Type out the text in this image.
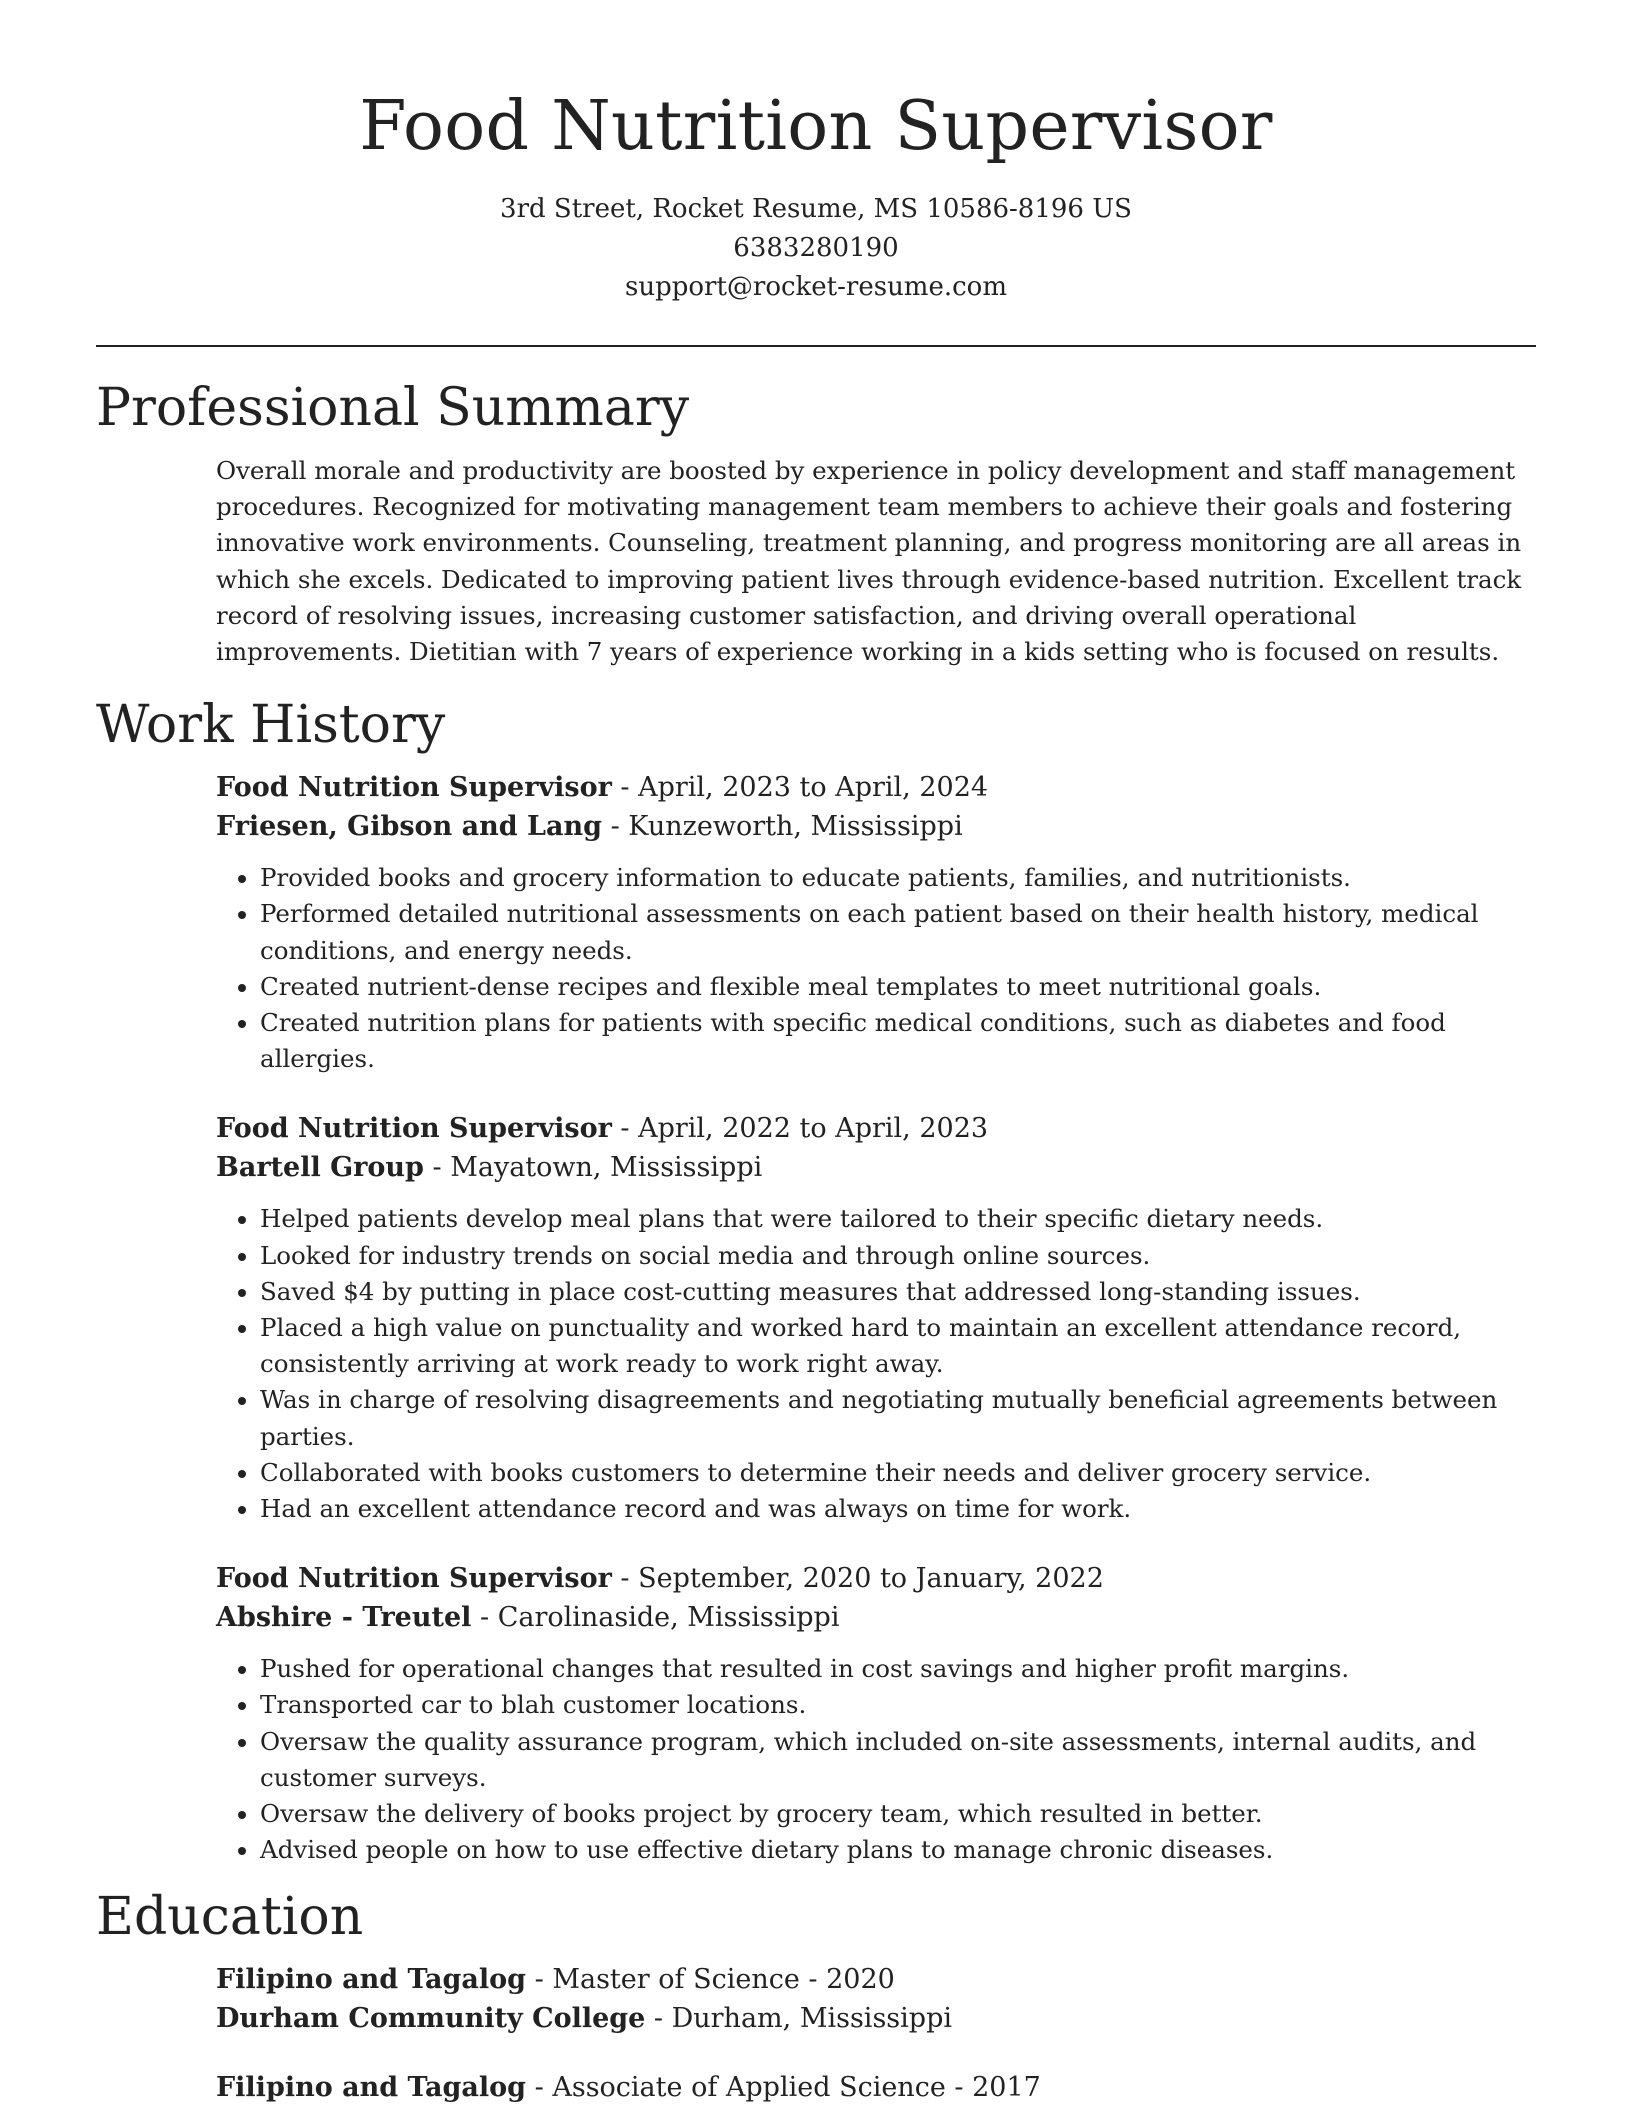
Food Nutrition Supervisor
3rd Street, Rocket Resume, MS 10586-8196 US
6383280190
support@rocket-resume.com
Professional Summary

Overall morale and productivity are boosted by experience in policy development and staff management procedures. Recognized for motivating management team members to achieve their goals and fostering innovative work environments. Counseling, treatment planning, and progress monitoring are all areas in which she excels. Dedicated to improving patient lives through evidence-based nutrition. Excellent track record of resolving issues, increasing customer satisfaction, and driving overall operational improvements. Dietitian with 7 years of experience working in a kids setting who is focused on results.

Work History
Food Nutrition Supervisor - April, 2023 to April, 2024
Friesen, Gibson and Lang - Kunzeworth, Mississippi
• Provided books and grocery information to educate patients, families, and nutritionists.
• Performed detailed nutritional assessments on each patient based on their health history, medical conditions, and energy needs.
• Created nutrient-dense recipes and flexible meal templates to meet nutritional goals.
• Created nutrition plans for patients with specific medical conditions, such as diabetes and food allergies.
Food Nutrition Supervisor - April, 2022 to April, 2023
Bartell Group - Mayatown, Mississippi
• Helped patients develop meal plans that were tailored to their specific dietary needs.
• Looked for industry trends on social media and through online sources.
• Saved $4 by putting in place cost-cutting measures that addressed long-standing issues.
• Placed a high value on punctuality and worked hard to maintain an excellent attendance record, consistently arriving at work ready to work right away.
• Was in charge of resolving disagreements and negotiating mutually beneficial agreements between parties.
• Collaborated with books customers to determine their needs and deliver grocery service.
• Had an excellent attendance record and was always on time for work.
Food Nutrition Supervisor - September, 2020 to January, 2022
Abshire - Treutel - Carolinaside, Mississippi
• Pushed for operational changes that resulted in cost savings and higher profit margins.
• Transported car to blah customer locations.
• Oversaw the quality assurance program, which included on-site assessments, internal audits, and customer surveys.
• Oversaw the delivery of books project by grocery team, which resulted in better.
• Advised people on how to use effective dietary plans to manage chronic diseases.
Education
Filipino and Tagalog - Master of Science - 2020
Durham Community College - Durham, Mississippi
Filipino and Tagalog - Associate of Applied Science - 2017
